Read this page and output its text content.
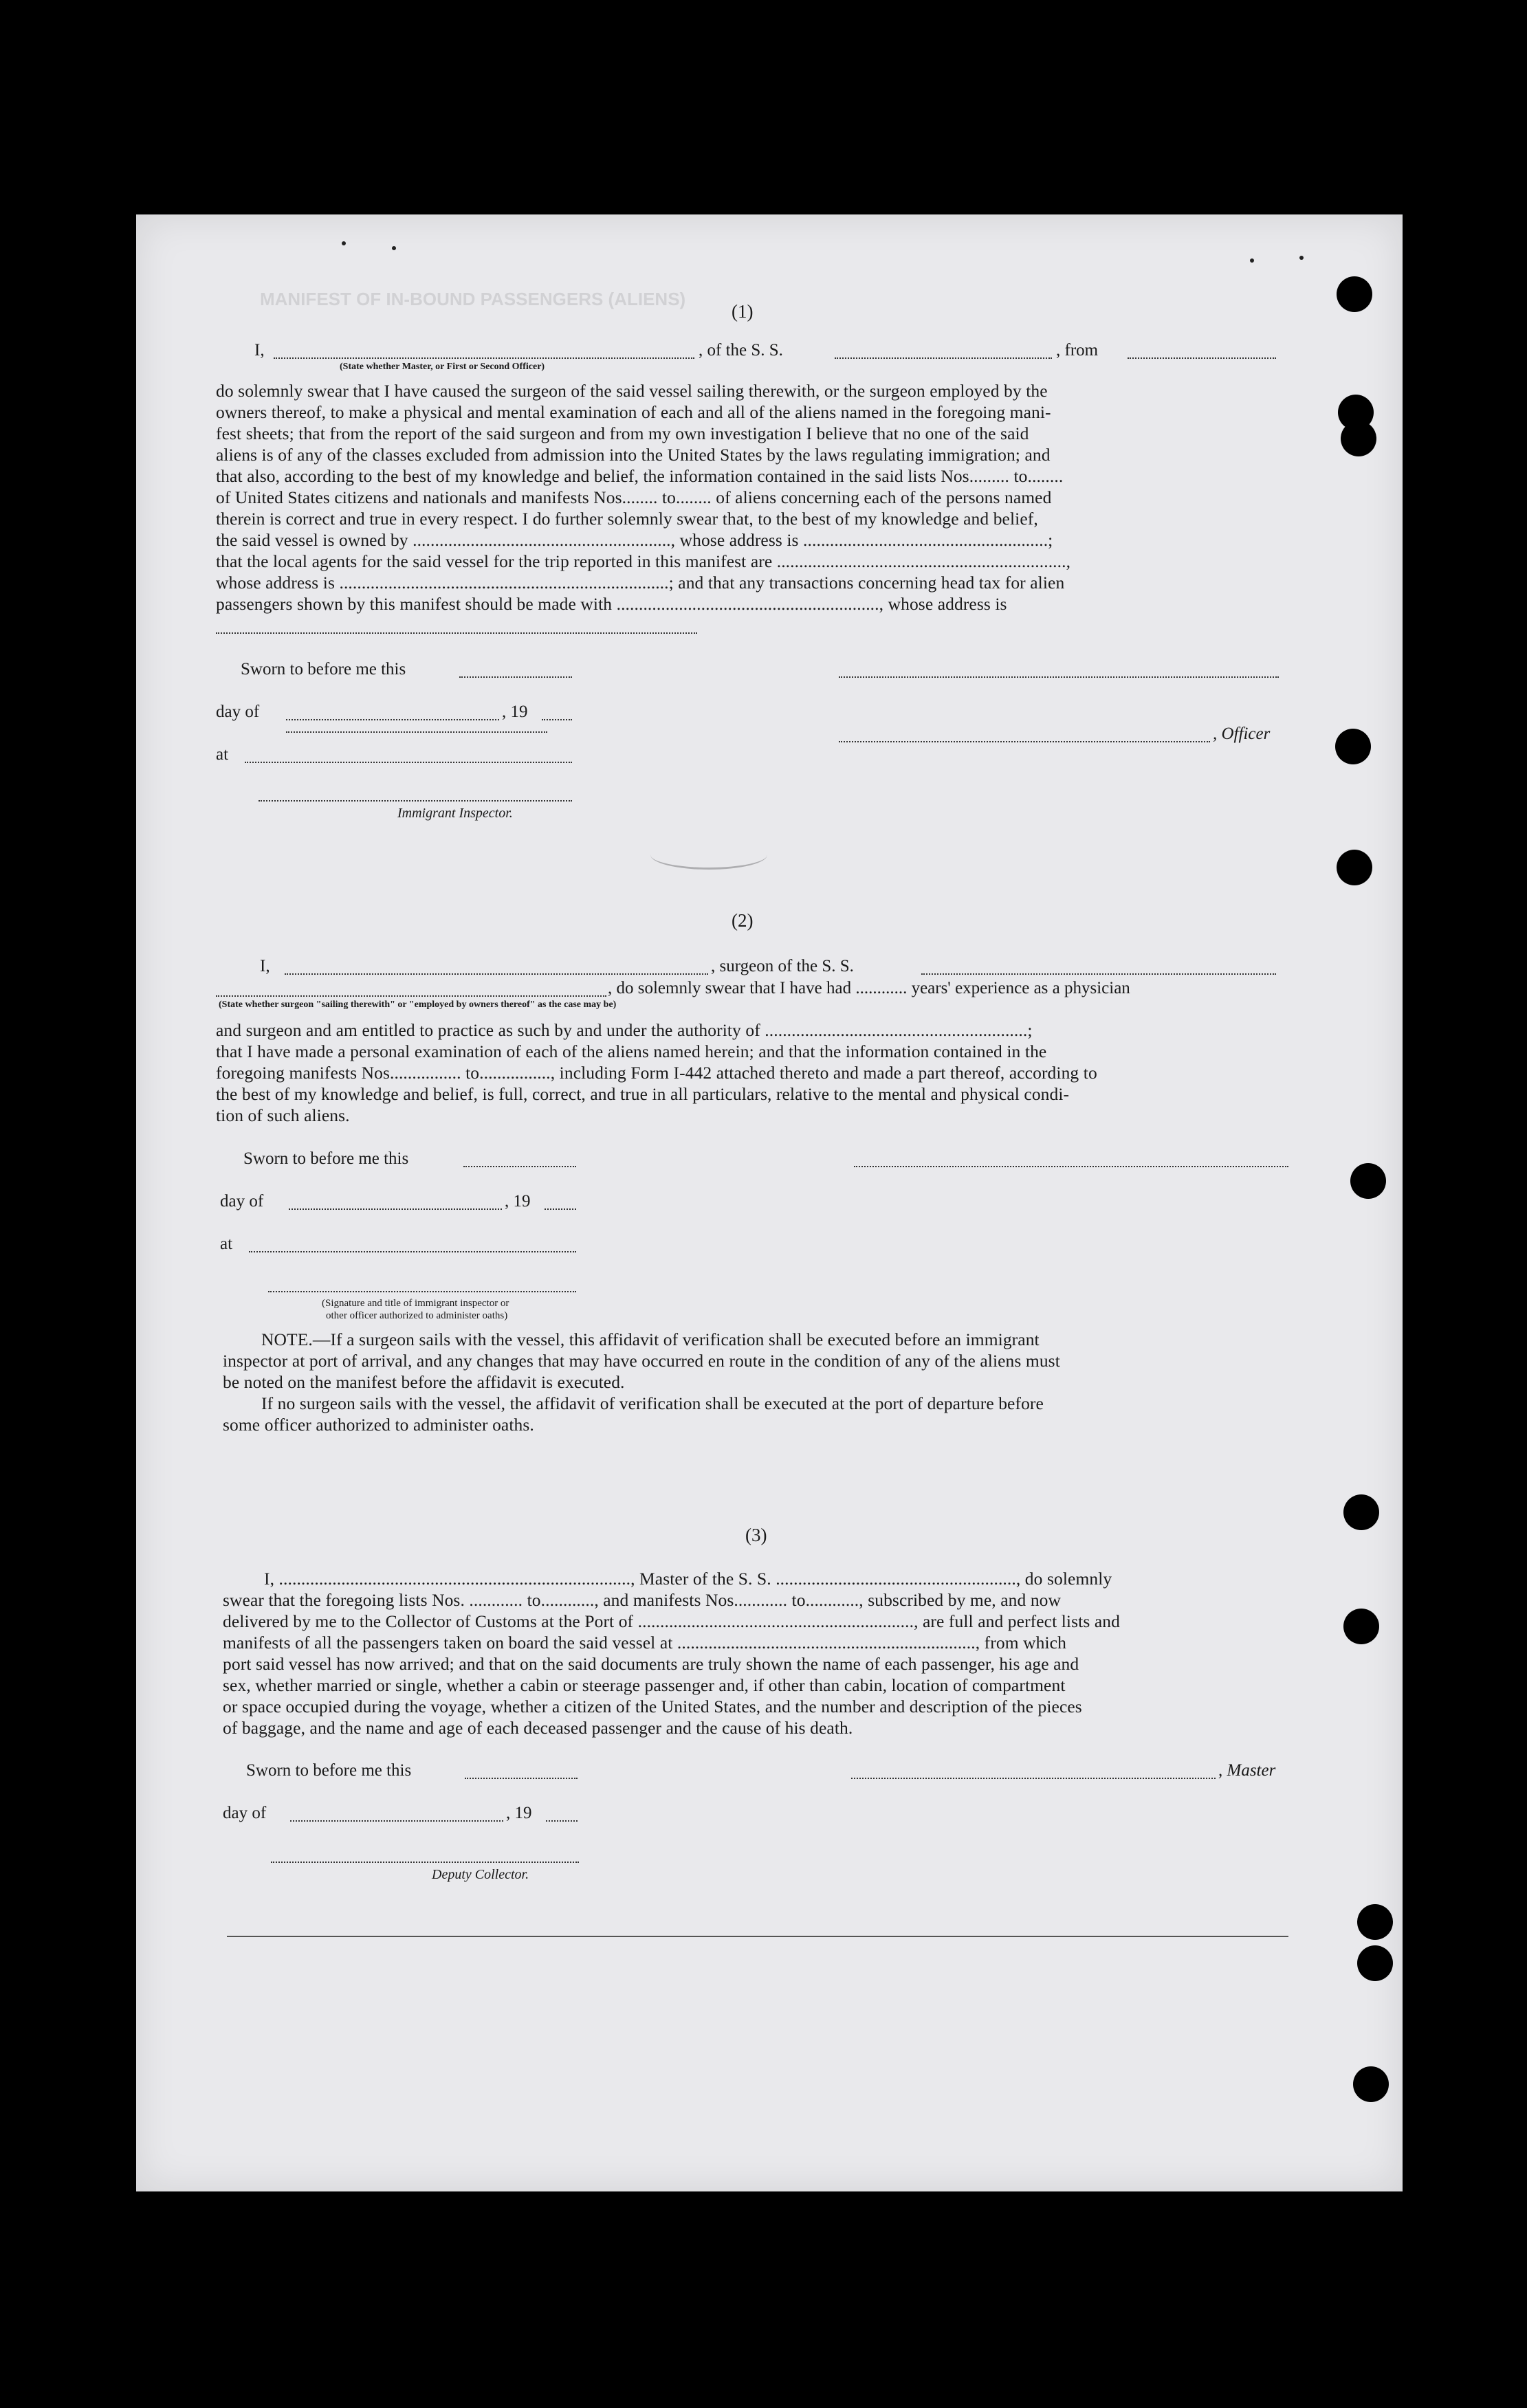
MANIFEST OF IN-BOUND PASSENGERS (ALIENS)
(1)
I,	, of the S. S.	, from
(State whether Master, or First or Second Officer)
do solemnly swear that I have caused the surgeon of the said vessel sailing therewith, or the surgeon employed by the
owners thereof, to make a physical and mental examination of each and all of the aliens named in the foregoing mani-
fest sheets; that from the report of the said surgeon and from my own investigation I believe that no one of the said
aliens is of any of the classes excluded from admission into the United States by the laws regulating immigration; and
that also, according to the best of my knowledge and belief, the information contained in the said lists Nos......... to........
of United States citizens and nationals and manifests Nos........ to........ of aliens concerning each of the persons named
therein is correct and true in every respect. I do further solemnly swear that, to the best of my knowledge and belief,
the said vessel is owned by .........................................................., whose address is .......................................................;
that the local agents for the said vessel for the trip reported in this manifest are .................................................................,
whose address is ..........................................................................; and that any transactions concerning head tax for alien
passengers shown by this manifest should be made with ..........................................................., whose address is
Sworn to before me this
day of	, 19
, Officer
at
Immigrant Inspector.
(2)
I,	, surgeon of the S. S.
, do solemnly swear that I have had ............ years' experience as a physician
(State whether surgeon "sailing therewith" or "employed by owners thereof" as the case may be)
and surgeon and am entitled to practice as such by and under the authority of ...........................................................;
that I have made a personal examination of each of the aliens named herein; and that the information contained in the
foregoing manifests Nos................ to................, including Form I-442 attached thereto and made a part thereof, according to
the best of my knowledge and belief, is full, correct, and true in all particulars, relative to the mental and physical condi-
tion of such aliens.
Sworn to before me this
day of	, 19
at
(Signature and title of immigrant inspector or
other officer authorized to administer oaths)
NOTE.—If a surgeon sails with the vessel, this affidavit of verification shall be executed before an immigrant
inspector at port of arrival, and any changes that may have occurred en route in the condition of any of the aliens must
be noted on the manifest before the affidavit is executed.
If no surgeon sails with the vessel, the affidavit of verification shall be executed at the port of departure before
some officer authorized to administer oaths.
(3)
I, ..............................................................................., Master of the S. S. ......................................................, do solemnly
swear that the foregoing lists Nos. ............ to............, and manifests Nos............ to............, subscribed by me, and now
delivered by me to the Collector of Customs at the Port of .............................................................., are full and perfect lists and
manifests of all the passengers taken on board the said vessel at ..................................................................., from which
port said vessel has now arrived; and that on the said documents are truly shown the name of each passenger, his age and
sex, whether married or single, whether a cabin or steerage passenger and, if other than cabin, location of compartment
or space occupied during the voyage, whether a citizen of the United States, and the number and description of the pieces
of baggage, and the name and age of each deceased passenger and the cause of his death.
Sworn to before me this	, Master
day of	, 19
Deputy Collector.
